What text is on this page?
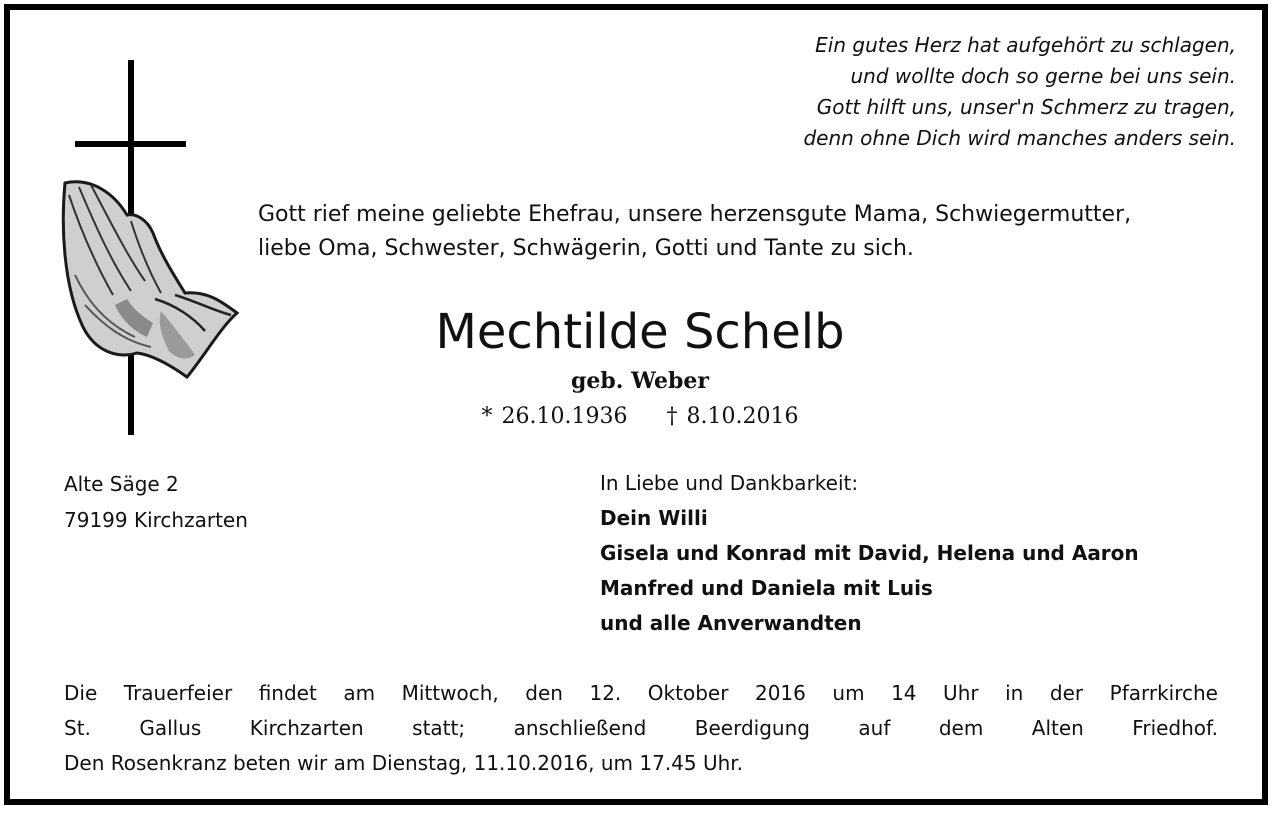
Ein gutes Herz hat aufgehört zu schlagen,
und wollte doch so gerne bei uns sein.
Gott hilft uns, unser'n Schmerz zu tragen,
denn ohne Dich wird manches anders sein.
Gott rief meine geliebte Ehefrau, unsere herzensgute Mama, Schwiegermutter,
liebe Oma, Schwester, Schwägerin, Gotti und Tante zu sich.
Mechtilde Schelb
geb. Weber
* 26.10.1936 † 8.10.2016
Alte Säge 2
79199 Kirchzarten
In Liebe und Dankbarkeit:
Dein Willi
Gisela und Konrad mit David, Helena und Aaron
Manfred und Daniela mit Luis
und alle Anverwandten
Die Trauerfeier findet am Mittwoch, den 12. Oktober 2016 um 14 Uhr in der Pfarrkirche
St. Gallus Kirchzarten statt; anschließend Beerdigung auf dem Alten Friedhof.
Den Rosenkranz beten wir am Dienstag, 11.10.2016, um 17.45 Uhr.
